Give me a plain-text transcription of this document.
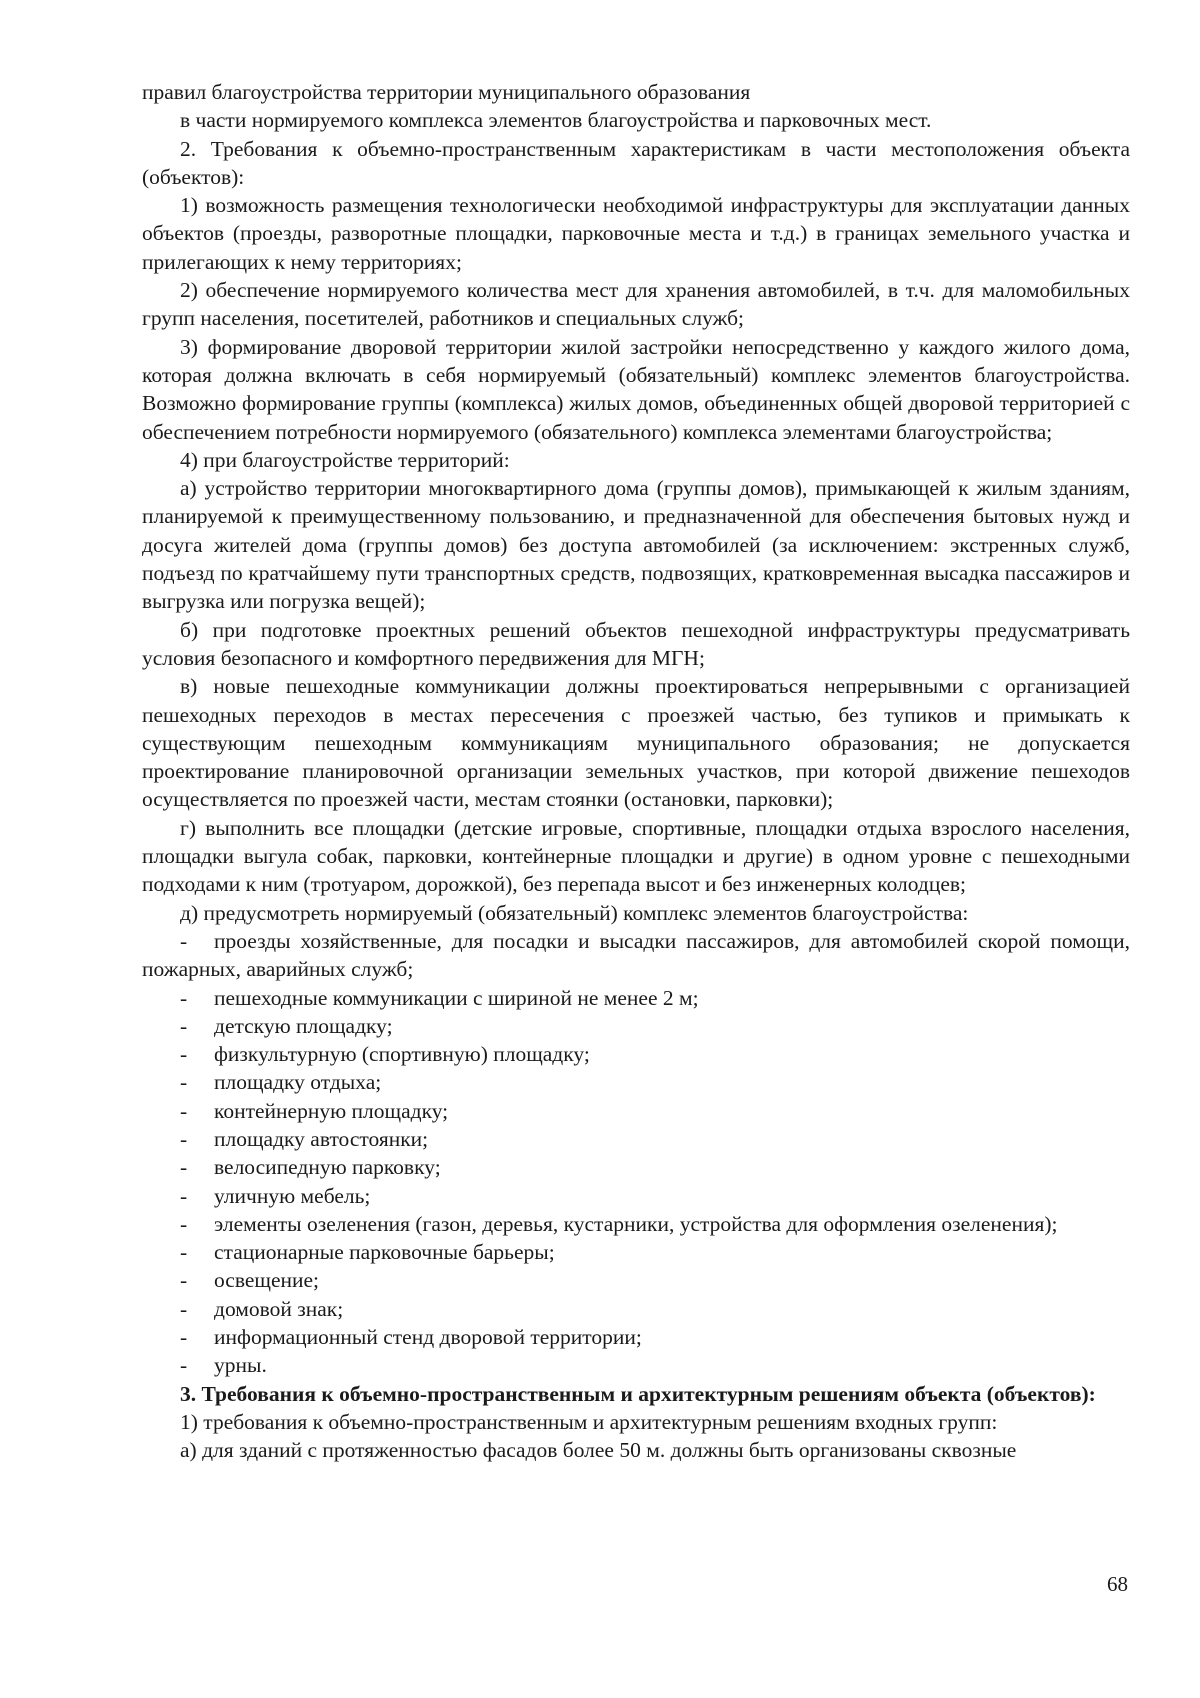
правил благоустройства территории муниципального образования

в части нормируемого комплекса элементов благоустройства и парковочных мест.

2. Требования к объемно-пространственным характеристикам в части местоположения объекта (объектов):

1) возможность размещения технологически необходимой инфраструктуры для эксплуатации данных объектов (проезды, разворотные площадки, парковочные места и т.д.) в границах земельного участка и прилегающих к нему территориях;

2) обеспечение нормируемого количества мест для хранения автомобилей, в т.ч. для маломобильных групп населения, посетителей, работников и специальных служб;

3) формирование дворовой территории жилой застройки непосредственно у каждого жилого дома, которая должна включать в себя нормируемый (обязательный) комплекс элементов благоустройства. Возможно формирование группы (комплекса) жилых домов, объединенных общей дворовой территорией с обеспечением потребности нормируемого (обязательного) комплекса элементами благоустройства;

4) при благоустройстве территорий:

а) устройство территории многоквартирного дома (группы домов), примыкающей к жилым зданиям, планируемой к преимущественному пользованию, и предназначенной для обеспечения бытовых нужд и досуга жителей дома (группы домов) без доступа автомобилей (за исключением: экстренных служб, подъезд по кратчайшему пути транспортных средств, подвозящих, кратковременная высадка пассажиров и выгрузка или погрузка вещей);

б) при подготовке проектных решений объектов пешеходной инфраструктуры предусматривать условия безопасного и комфортного передвижения для МГН;

в) новые пешеходные коммуникации должны проектироваться непрерывными с организацией пешеходных переходов в местах пересечения с проезжей частью, без тупиков и примыкать к существующим пешеходным коммуникациям муниципального образования; не допускается проектирование планировочной организации земельных участков, при которой движение пешеходов осуществляется по проезжей части, местам стоянки (остановки, парковки);

г) выполнить все площадки (детские игровые, спортивные, площадки отдыха взрослого населения, площадки выгула собак, парковки, контейнерные площадки и другие) в одном уровне с пешеходными подходами к ним (тротуаром, дорожкой), без перепада высот и без инженерных колодцев;

д) предусмотреть нормируемый (обязательный) комплекс элементов благоустройства:

- проезды хозяйственные, для посадки и высадки пассажиров, для автомобилей скорой помощи, пожарных, аварийных служб;

- пешеходные коммуникации с шириной не менее 2 м;

- детскую площадку;

- физкультурную (спортивную) площадку;

- площадку отдыха;

- контейнерную площадку;

- площадку автостоянки;

- велосипедную парковку;

- уличную мебель;

- элементы озеленения (газон, деревья, кустарники, устройства для оформления озеленения);

- стационарные парковочные барьеры;

- освещение;

- домовой знак;

- информационный стенд дворовой территории;

- урны.

3. Требования к объемно-пространственным и архитектурным решениям объекта (объектов):

1) требования к объемно-пространственным и архитектурным решениям входных групп:

а) для зданий с протяженностью фасадов более 50 м. должны быть организованы сквозные

68
